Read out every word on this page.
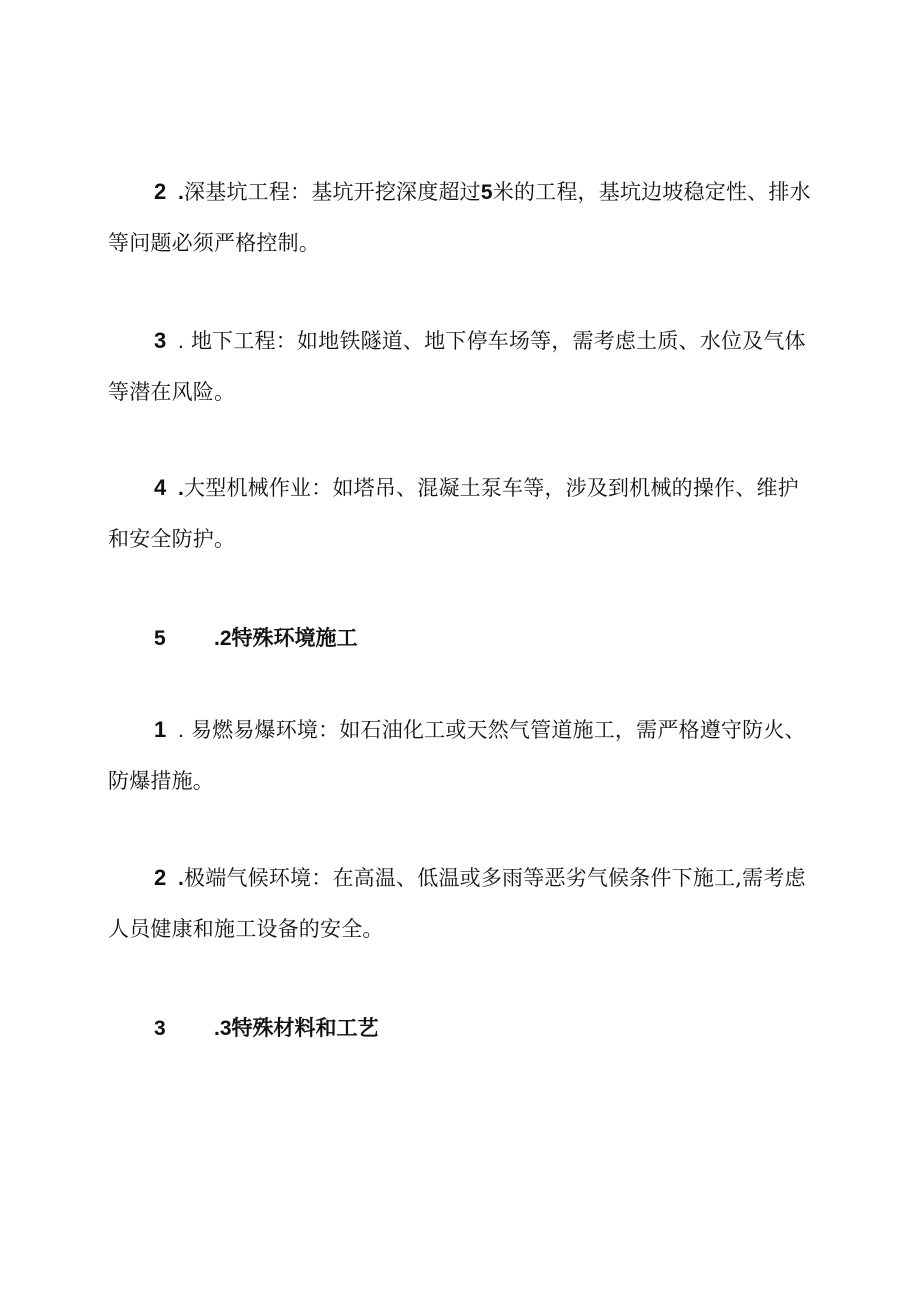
2 .深基坑工程：基坑开挖深度超过5米的工程，基坑边坡稳定性、排水
等问题必须严格控制。
3 . 地下工程：如地铁隧道、地下停车场等，需考虑土质、水位及气体
等潜在风险。
4 .大型机械作业：如塔吊、混凝土泵车等，涉及到机械的操作、维护
和安全防护。
5 .2特殊环境施工
1 . 易燃易爆环境：如石油化工或天然气管道施工，需严格遵守防火、
防爆措施。
2 .极端气候环境：在高温、低温或多雨等恶劣气候条件下施工,需考虑
人员健康和施工设备的安全。
3 .3特殊材料和工艺
